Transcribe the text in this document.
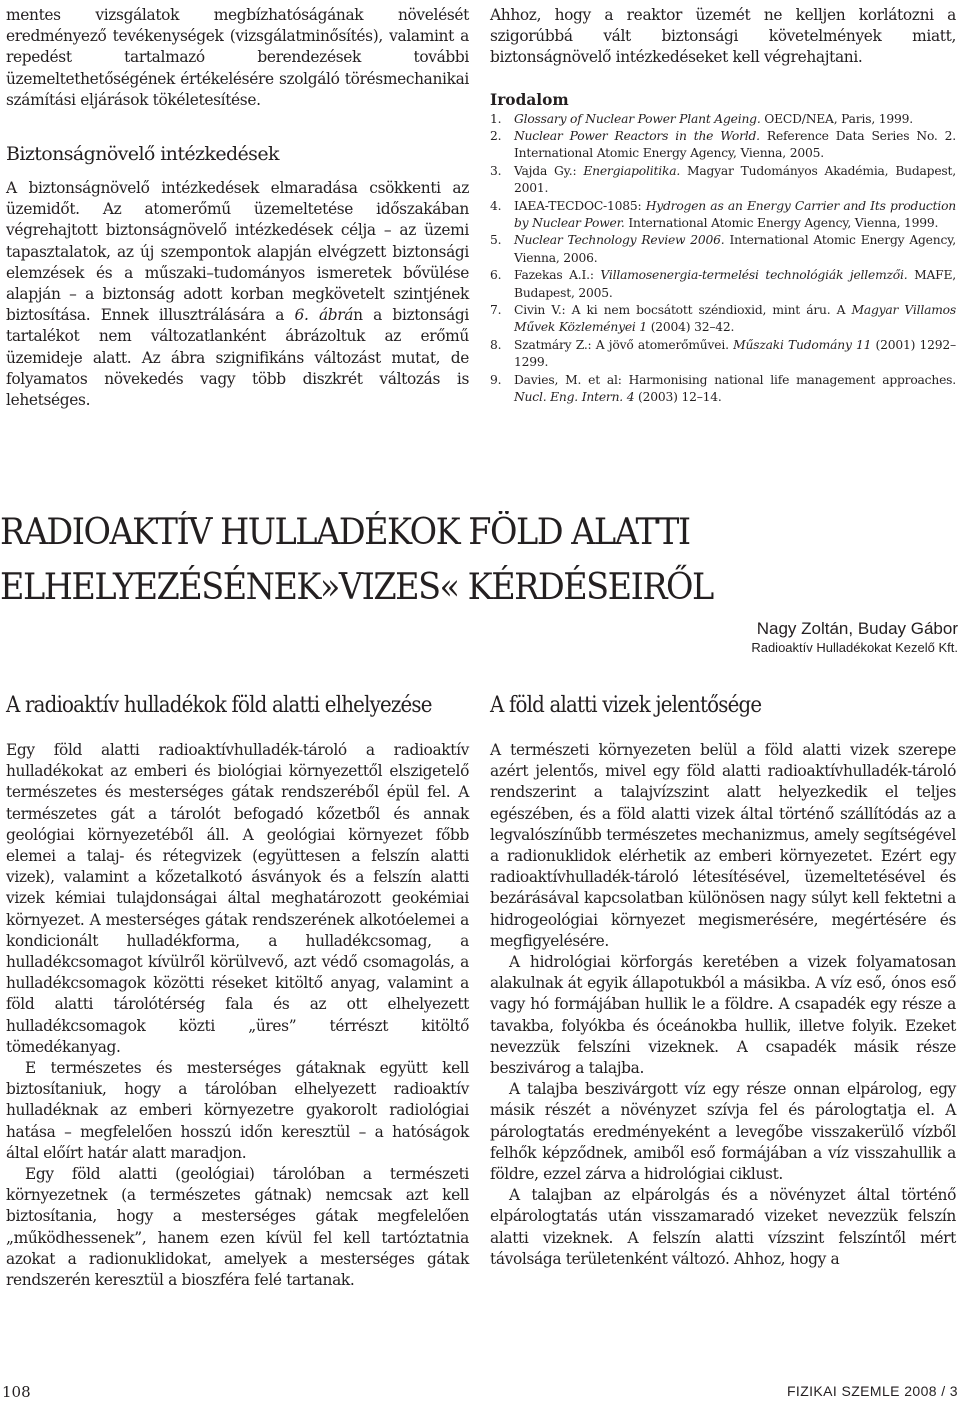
mentes vizsgálatok megbízhatóságának növelését eredményező tevékenységek (vizsgálatminősítés), valamint a repedést tartalmazó berendezések további üzemeltethetőségének értékelésére szolgáló törésmechanikai számítási eljárások tökéletesítése.

Biztonságnövelő intézkedések

A biztonságnövelő intézkedések elmaradása csökkenti az üzemidőt. Az atomerőmű üzemeltetése időszakában végrehajtott biztonságnövelő intézkedések célja – az üzemi tapasztalatok, az új szempontok alapján elvégzett biztonsági elemzések és a műszaki–tudományos ismeretek bővülése alapján – a biztonság adott korban megkövetelt szintjének biztosítása. Ennek illusztrálására a 6. ábrán a biztonsági tartalékot nem változatlanként ábrázoltuk az erőmű üzemideje alatt. Az ábra szignifikáns változást mutat, de folyamatos növekedés vagy több diszkrét változás is lehetséges.

Ahhoz, hogy a reaktor üzemét ne kelljen korlátozni a szigorúbbá vált biztonsági követelmények miatt, biztonságnövelő intézkedéseket kell végrehajtani.

Irodalom
1.	Glossary of Nuclear Power Plant Ageing. OECD/NEA, Paris, 1999.
2.	Nuclear Power Reactors in the World. Reference Data Series No. 2. International Atomic Energy Agency, Vienna, 2005.
3.	Vajda Gy.: Energiapolitika. Magyar Tudományos Akadémia, Budapest, 2001.
4.	IAEA-TECDOC-1085: Hydrogen as an Energy Carrier and Its production by Nuclear Power. International Atomic Energy Agency, Vienna, 1999.
5.	Nuclear Technology Review 2006. International Atomic Energy Agency, Vienna, 2006.
6.	Fazekas A.I.: Villamosenergia-termelési technológiák jellemzői. MAFE, Budapest, 2005.
7.	Civin V.: A ki nem bocsátott széndioxid, mint áru. A Magyar Villamos Művek Közleményei 1 (2004) 32–42.
8.	Szatmáry Z.: A jövő atomerőművei. Műszaki Tudomány 11 (2001) 1292–1299.
9.	Davies, M. et al: Harmonising national life management approaches. Nucl. Eng. Intern. 4 (2003) 12–14.
RADIOAKTÍV HULLADÉKOK FÖLD ALATTI
ELHELYEZÉSÉNEK»VIZES« KÉRDÉSEIRŐL
Nagy Zoltán, Buday Gábor
Radioaktív Hulladékokat Kezelő Kft.
A radioaktív hulladékok föld alatti elhelyezése	A föld alatti vizek jelentősége

Egy föld alatti radioaktívhulladék-tároló a radioaktív hulladékokat az emberi és biológiai környezettől elszigetelő természetes és mesterséges gátak rendszeréből épül fel. A természetes gát a tárolót befogadó kőzetből és annak geológiai környezetéből áll. A geológiai környezet főbb elemei a talaj- és rétegvizek (együttesen a felszín alatti vizek), valamint a kőzetalkotó ásványok és a felszín alatti vizek kémiai tulajdonságai által meghatározott geokémiai környezet. A mesterséges gátak rendszerének alkotóelemei a kondicionált hulladékforma, a hulladékcsomag, a hulladékcsomagot kívülről körülvevő, azt védő csomagolás, a hulladékcsomagok közötti réseket kitöltő anyag, valamint a föld alatti tárolótérség fala és az ott elhelyezett hulladékcsomagok közti „üres” térrészt kitöltő tömedékanyag.

E természetes és mesterséges gátaknak együtt kell biztosítaniuk, hogy a tárolóban elhelyezett radioaktív hulladéknak az emberi környezetre gyakorolt radiológiai hatása – megfelelően hosszú időn keresztül – a hatóságok által előírt határ alatt maradjon.

Egy föld alatti (geológiai) tárolóban a természeti környezetnek (a természetes gátnak) nemcsak azt kell biztosítania, hogy a mesterséges gátak megfelelően „működhessenek”, hanem ezen kívül fel kell tartóztatnia azokat a radionuklidokat, amelyek a mesterséges gátak rendszerén keresztül a bioszféra felé tartanak.

A természeti környezeten belül a föld alatti vizek szerepe azért jelentős, mivel egy föld alatti radioaktívhulladék-tároló rendszerint a talajvízszint alatt helyezkedik el teljes egészében, és a föld alatti vizek által történő szállítódás az a legvalószínűbb természetes mechanizmus, amely segítségével a radionuklidok elérhetik az emberi környezetet. Ezért egy radioaktívhulladék-tároló létesítésével, üzemeltetésével és bezárásával kapcsolatban különösen nagy súlyt kell fektetni a hidrogeológiai környezet megismerésére, megértésére és megfigyelésére.

A hidrológiai körforgás keretében a vizek folyamatosan alakulnak át egyik állapotukból a másikba. A víz eső, ónos eső vagy hó formájában hullik le a földre. A csapadék egy része a tavakba, folyókba és óceánokba hullik, illetve folyik. Ezeket nevezzük felszíni vizeknek. A csapadék másik része beszivárog a talajba.

A talajba beszivárgott víz egy része onnan elpárolog, egy másik részét a növényzet szívja fel és párologtatja el. A párologtatás eredményeként a levegőbe visszakerülő vízből felhők képződnek, amiből eső formájában a víz visszahullik a földre, ezzel zárva a hidrológiai ciklust.

A talajban az elpárolgás és a növényzet által történő elpárologtatás után visszamaradó vizeket nevezzük felszín alatti vizeknek. A felszín alatti vízszint felszíntől mért távolsága területenként változó. Ahhoz, hogy a

108	FIZIKAI SZEMLE 2008 / 3
